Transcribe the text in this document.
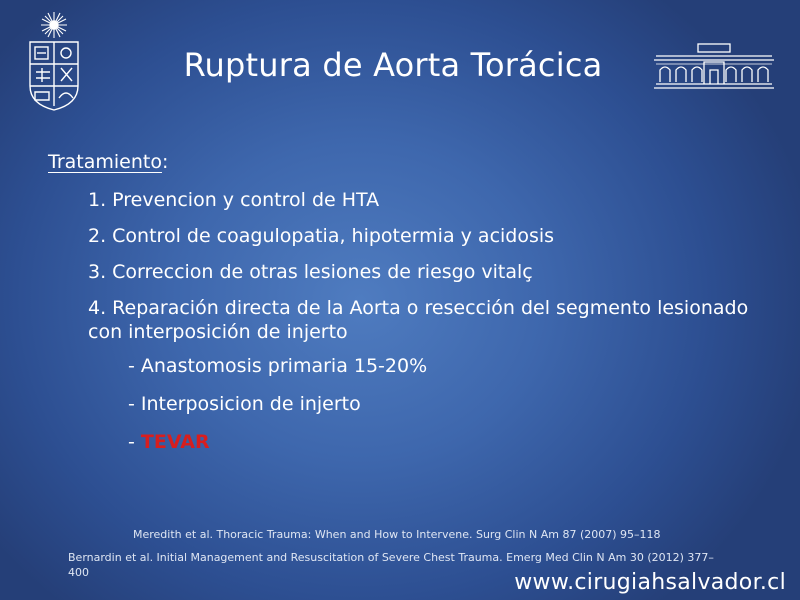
Ruptura de Aorta Torácica
Tratamiento:
1. Prevencion y control de HTA
2. Control de coagulopatia, hipotermia y acidosis
3. Correccion de otras lesiones de riesgo vitalç
4. Reparación directa de la Aorta o resección del segmento lesionado con interposición de injerto
- Anastomosis primaria 15-20%
- Interposicion de injerto
- TEVAR
Meredith et al. Thoracic Trauma: When and How to Intervene. Surg Clin N Am 87 (2007) 95–118
Bernardin et al. Initial Management and Resuscitation of Severe Chest Trauma. Emerg Med Clin N Am 30 (2012) 377–400	www.cirugiahsalvador.cl
